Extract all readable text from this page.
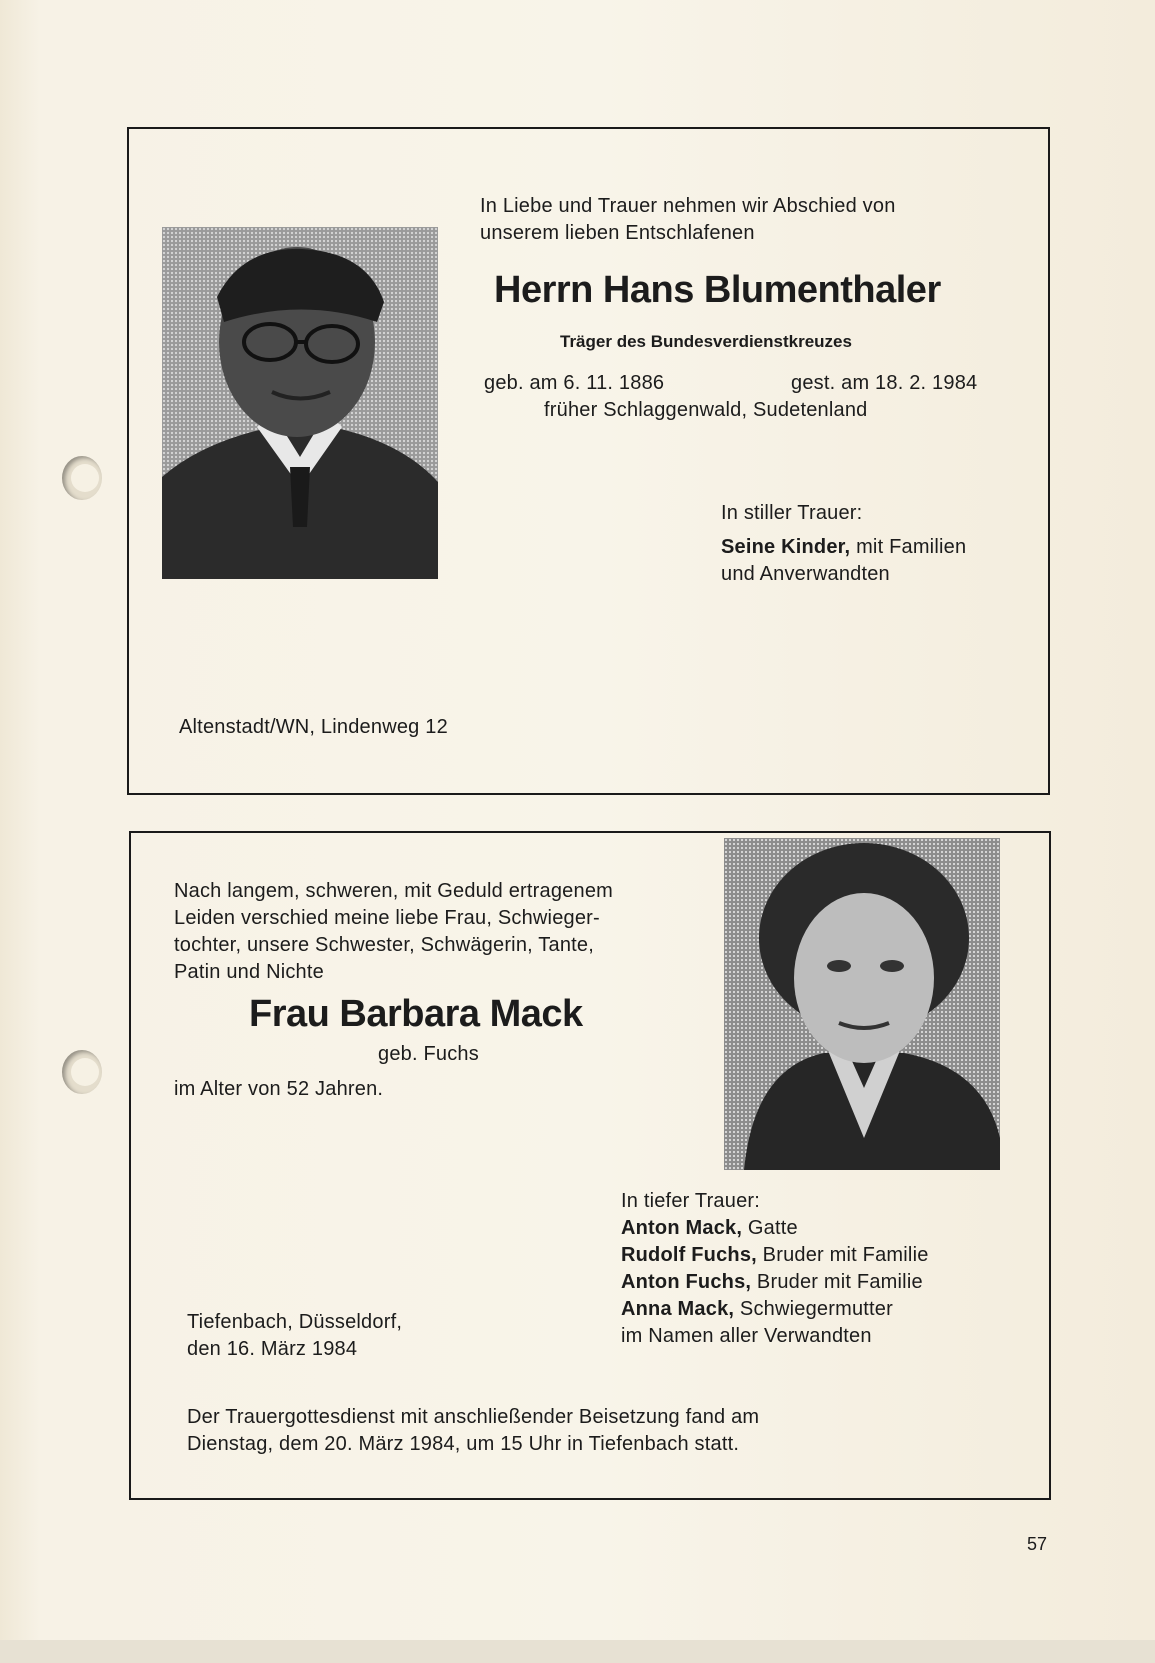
In Liebe und Trauer nehmen wir Abschied von
unserem lieben Entschlafenen
Herrn Hans Blumenthaler
Träger des Bundesverdienstkreuzes
geb. am 6. 11. 1886	gest. am 18. 2. 1984
früher Schlaggenwald, Sudetenland
In stiller Trauer:
Seine Kinder, mit Familien
und Anverwandten
Altenstadt/WN, Lindenweg 12
Nach langem, schweren, mit Geduld ertragenem
Leiden verschied meine liebe Frau, Schwieger-
tochter, unsere Schwester, Schwägerin, Tante,
Patin und Nichte
Frau Barbara Mack
geb. Fuchs
im Alter von 52 Jahren.
In tiefer Trauer:
Anton Mack, Gatte
Rudolf Fuchs, Bruder mit Familie
Anton Fuchs, Bruder mit Familie
Anna Mack, Schwiegermutter
im Namen aller Verwandten
Tiefenbach, Düsseldorf,
den 16. März 1984
Der Trauergottesdienst mit anschließender Beisetzung fand am
Dienstag, dem 20. März 1984, um 15 Uhr in Tiefenbach statt.
57
